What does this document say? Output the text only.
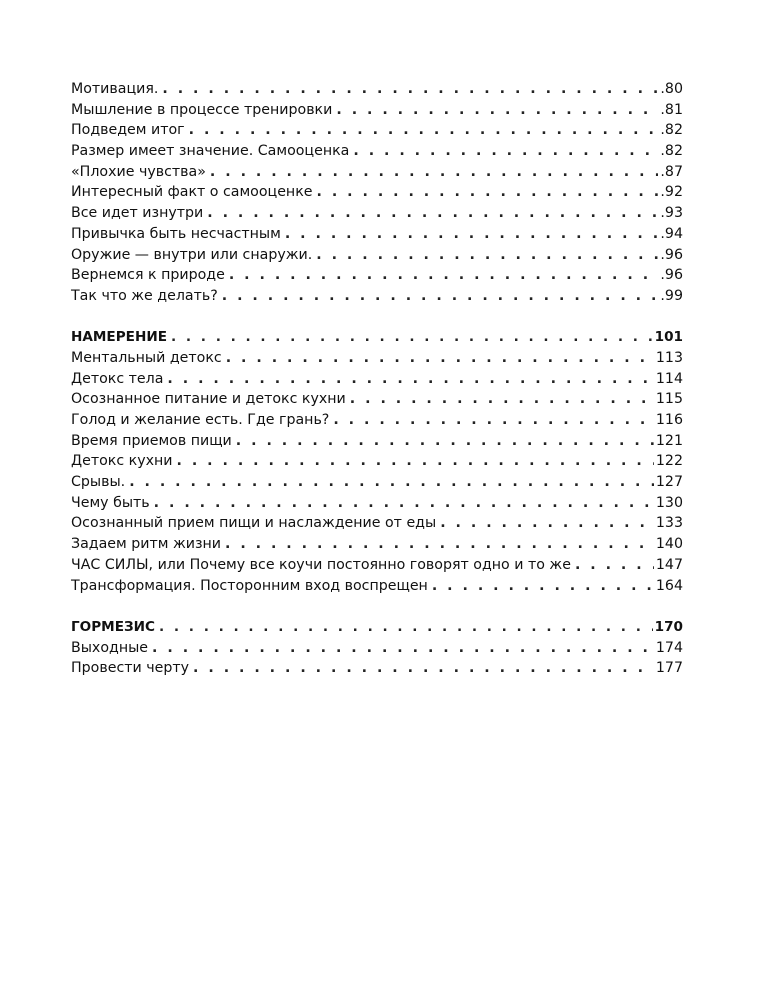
Мотивация. . . .	.80
Мышление в процессе тренировки . . .	.81
Подведем итог . . .	.82
Размер имеет значение. Самооценка . . .	.82
«Плохие чувства» . . .	.87
Интересный факт о самооценке . . .	.92
Все идет изнутри . . .	.93
Привычка быть несчастным . . .	.94
Оружие — внутри или снаружи. . . .	.96
Вернемся к природе . . .	.96
Так что же делать? . . .	.99
НАМЕРЕНИЕ . . .	101
Ментальный детокс . . .	113
Детокс тела . . .	114
Осознанное питание и детокс кухни . . .	115
Голод и желание есть. Где грань? . . .	116
Время приемов пищи . . .	121
Детокс кухни . . .	122
Срывы. . . .	127
Чему быть . . .	130
Осознанный прием пищи и наслаждение от еды . . .	133
Задаем ритм жизни . . .	140
ЧАС СИЛЫ, или Почему все коучи постоянно говорят одно и то же . . .	147
Трансформация. Посторонним вход воспрещен . . .	164
ГОРМЕЗИС . . .	170
Выходные . . .	174
Провести черту . . .	177
